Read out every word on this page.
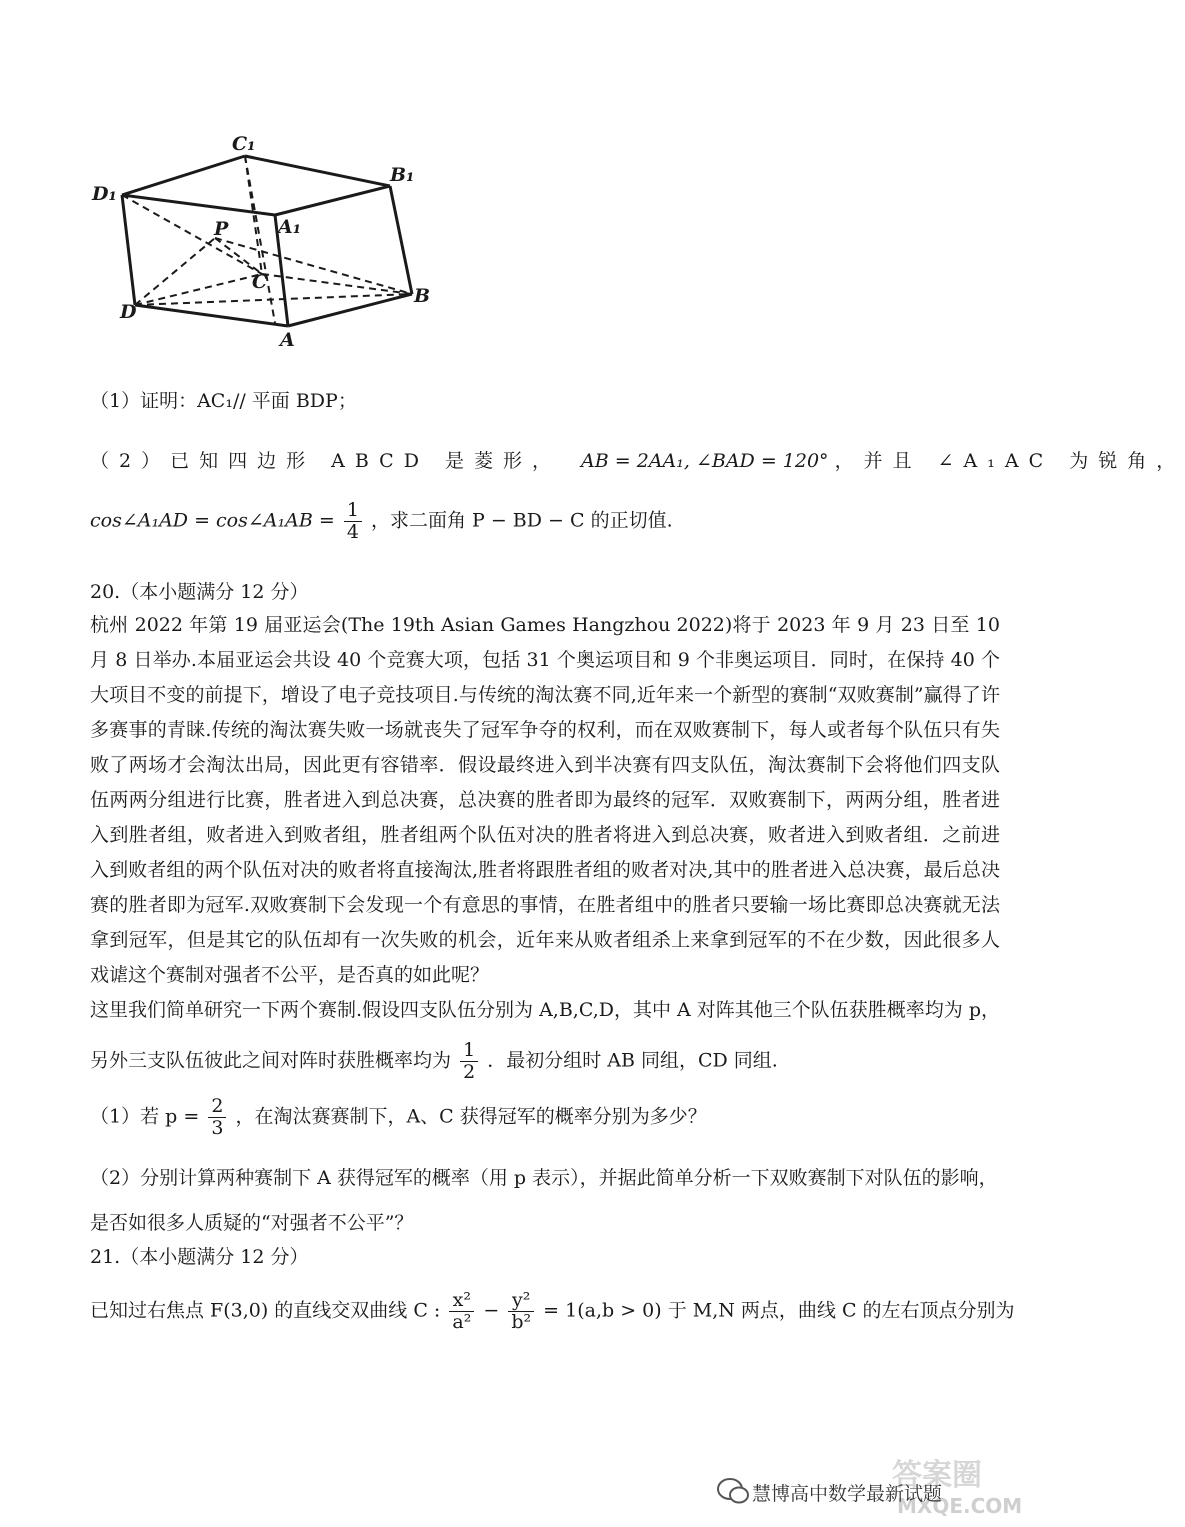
C₁
B₁
D₁
A₁
P
C
D
B
A
（1）证明：AC₁// 平面 BDP；
（2）已知四边形 ABCD 是菱形， AB = 2AA₁, ∠BAD = 120° ，并且 ∠A₁AC 为锐角，
cos∠A₁AD = cos∠A₁AB = $\frac{1}{4}$ ，求二面角 P − BD − C 的正切值.
20.（本小题满分 12 分）
杭州 2022 年第 19 届亚运会(The 19th Asian Games Hangzhou 2022)将于 2023 年 9 月 23 日至 10 月 8 日举办.本届亚运会共设 40 个竞赛大项，包括 31 个奥运项目和 9 个非奥运项目．同时，在保持 40 个大项目不变的前提下，增设了电子竞技项目.与传统的淘汰赛不同,近年来一个新型的赛制“双败赛制”赢得了许多赛事的青睐.传统的淘汰赛失败一场就丧失了冠军争夺的权利，而在双败赛制下，每人或者每个队伍只有失败了两场才会淘汰出局，因此更有容错率．假设最终进入到半决赛有四支队伍，淘汰赛制下会将他们四支队伍两两分组进行比赛，胜者进入到总决赛，总决赛的胜者即为最终的冠军．双败赛制下，两两分组，胜者进入到胜者组，败者进入到败者组，胜者组两个队伍对决的胜者将进入到总决赛，败者进入到败者组．之前进入到败者组的两个队伍对决的败者将直接淘汰,胜者将跟胜者组的败者对决,其中的胜者进入总决赛，最后总决赛的胜者即为冠军.双败赛制下会发现一个有意思的事情，在胜者组中的胜者只要输一场比赛即总决赛就无法拿到冠军，但是其它的队伍却有一次失败的机会，近年来从败者组杀上来拿到冠军的不在少数，因此很多人戏谑这个赛制对强者不公平，是否真的如此呢？
这里我们简单研究一下两个赛制.假设四支队伍分别为 A,B,C,D，其中 A 对阵其他三个队伍获胜概率均为 p，
另外三支队伍彼此之间对阵时获胜概率均为 $\frac{1}{2}$ ．最初分组时 AB 同组，CD 同组.
（1）若 $p = \frac{2}{3}$ ，在淘汰赛赛制下，A、C 获得冠军的概率分别为多少？
（2）分别计算两种赛制下 A 获得冠军的概率（用 p 表示），并据此简单分析一下双败赛制下对队伍的影响，
是否如很多人质疑的“对强者不公平”？
21.（本小题满分 12 分）
已知过右焦点 F(3,0) 的直线交双曲线 C : $\frac{\text{x²}}{\text{a²}} - \frac{\text{y²}}{\text{b²}} = 1(a,b > 0)$ 于 M,N 两点，曲线 C 的左右顶点分别为
答案圈
MXQE.COM
慧博高中数学最新试题
